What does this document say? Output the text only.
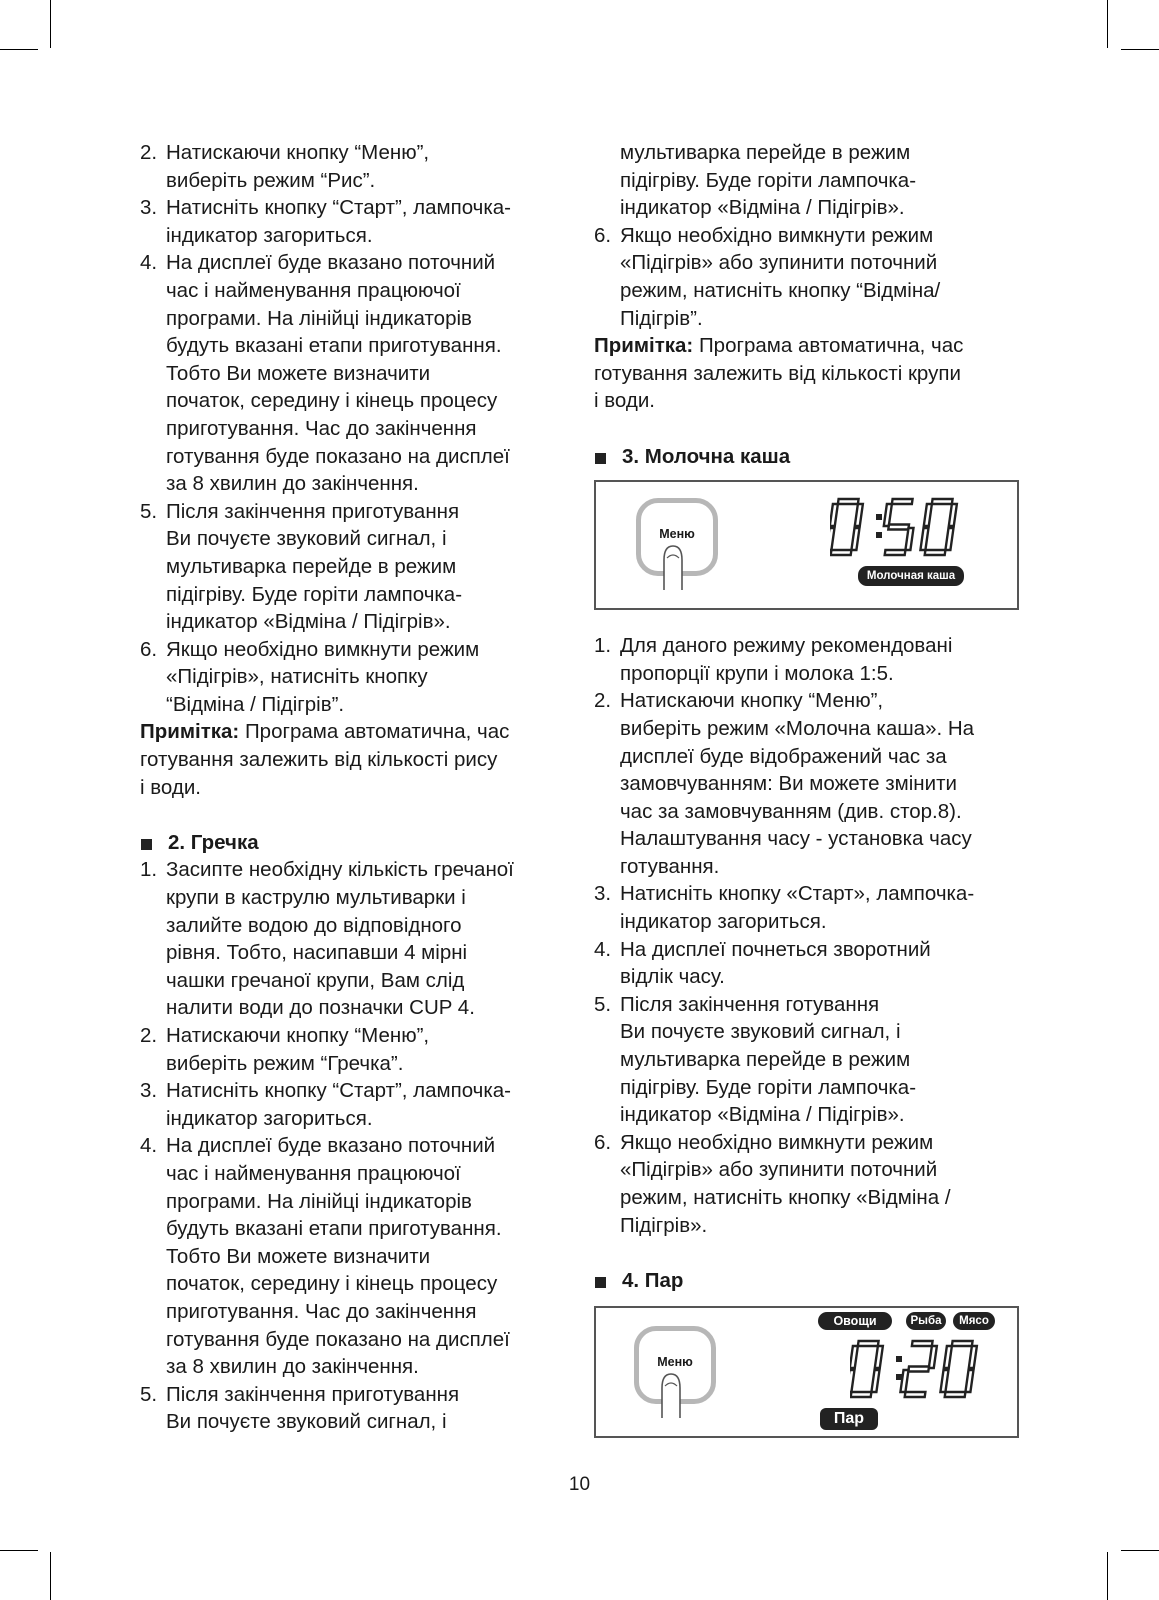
2. Натискаючи кнопку “Меню”,
виберіть режим “Рис”.
3. Натисніть кнопку “Старт”, лампочка-
індикатор загориться.
4. На дисплеї буде вказано поточний
час і найменування працюючої
програми. На лінійці індикаторів
будуть вказані етапи приготування.
Тобто Ви можете визначити
початок, середину і кінець процесу
приготування. Час до закінчення
готування буде показано на дисплеї
за 8 хвилин до закінчення.
5. Після закінчення приготування
Ви почуєте звуковий сигнал, і
мультиварка перейде в режим
підігріву. Буде горіти лампочка-
індикатор «Відміна / Підігрів».
6. Якщо необхідно вимкнути режим
«Підігрів», натисніть кнопку
“Відміна / Підігрів”.

Примітка: Програма автоматична, час
готування залежить від кількості рису
і води.

2. Гречка
1. Засипте необхідну кількість гречаної
крупи в каструлю мультиварки і
залийте водою до відповідного
рівня. Тобто, насипавши 4 мірні
чашки гречаної крупи, Вам слід
налити води до позначки CUP 4.
2. Натискаючи кнопку “Меню”,
виберіть режим “Гречка”.
3. Натисніть кнопку “Старт”, лампочка-
індикатор загориться.
4. На дисплеї буде вказано поточний
час і найменування працюючої
програми. На лінійці індикаторів
будуть вказані етапи приготування.
Тобто Ви можете визначити
початок, середину і кінець процесу
приготування. Час до закінчення
готування буде показано на дисплеї
за 8 хвилин до закінчення.
5. Після закінчення приготування
Ви почуєте звуковий сигнал, і
мультиварка перейде в режим
підігріву. Буде горіти лампочка-
індикатор «Відміна / Підігрів».
6. Якщо необхідно вимкнути режим
«Підігрів» або зупинити поточний
режим, натисніть кнопку “Відміна/
Підігрів”.

Примітка: Програма автоматична, час
готування залежить від кількості крупи
і води.

3. Молочна каша
Меню
Молочная каша
1. Для даного режиму рекомендовані
пропорції крупи і молока 1:5.
2. Натискаючи кнопку “Меню”,
виберіть режим «Молочна каша». На
дисплеї буде відображений час за
замовчуванням: Ви можете змінити
час за замовчуванням (див. стор.8).
Налаштування часу - установка часу
готування.
3. Натисніть кнопку «Старт», лампочка-
індикатор загориться.
4. На дисплеї почнеться зворотний
відлік часу.
5. Після закінчення готування
Ви почуєте звуковий сигнал, і
мультиварка перейде в режим
підігріву. Буде горіти лампочка-
індикатор «Відміна / Підігрів».
6. Якщо необхідно вимкнути режим
«Підігрів» або зупинити поточний
режим, натисніть кнопку «Відміна /
Підігрів».
4. Пар
Овощи	Рыба	Мясо
Меню
Пар
10
